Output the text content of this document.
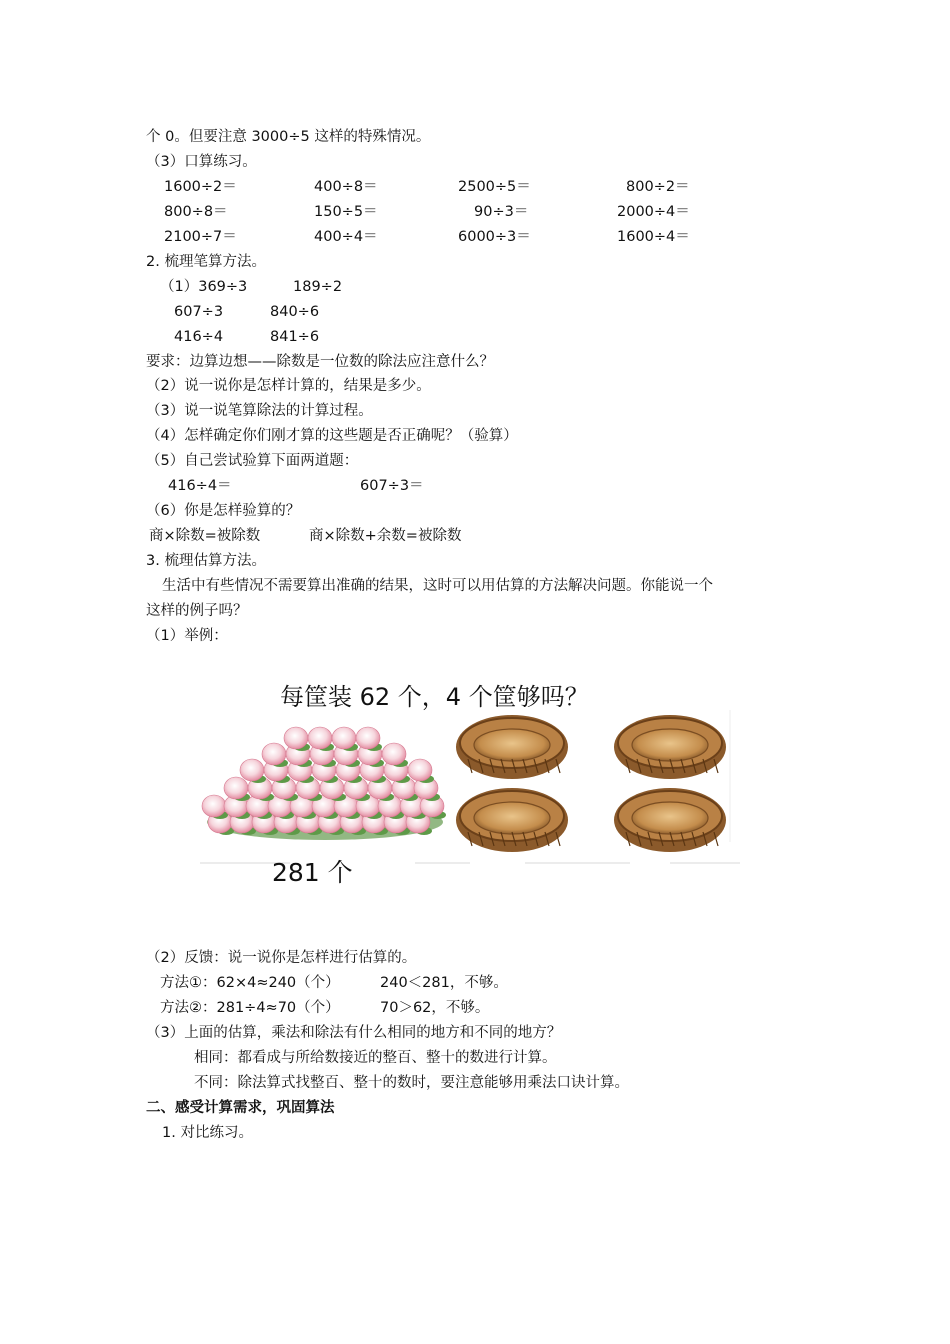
个 0。但要注意 3000÷5 这样的特殊情况。
（3）口算练习。
1600÷2＝	400÷8＝	2500÷5＝	800÷2＝
800÷8＝	150÷5＝	90÷3＝	2000÷4＝
2100÷7＝	400÷4＝	6000÷3＝	1600÷4＝
2. 梳理笔算方法。
（1）369÷3	189÷2
607÷3	840÷6
416÷4	841÷6
要求：边算边想——除数是一位数的除法应注意什么？
（2）说一说你是怎样计算的，结果是多少。
（3）说一说笔算除法的计算过程。
（4）怎样确定你们刚才算的这些题是否正确呢？（验算）
（5）自己尝试验算下面两道题：
416÷4＝	607÷3＝
（6）你是怎样验算的？
商×除数=被除数	商×除数+余数=被除数
3. 梳理估算方法。
生活中有些情况不需要算出准确的结果，这时可以用估算的方法解决问题。你能说一个
这样的例子吗？
（1）举例：
每筐装 62 个，4 个筐够吗？
281 个
（2）反馈：说一说你是怎样进行估算的。
方法①：62×4≈240（个）	240＜281，不够。
方法②：281÷4≈70（个）	70＞62，不够。
（3）上面的估算，乘法和除法有什么相同的地方和不同的地方？
相同：都看成与所给数接近的整百、整十的数进行计算。
不同：除法算式找整百、整十的数时，要注意能够用乘法口诀计算。
二、感受计算需求，巩固算法
1. 对比练习。
